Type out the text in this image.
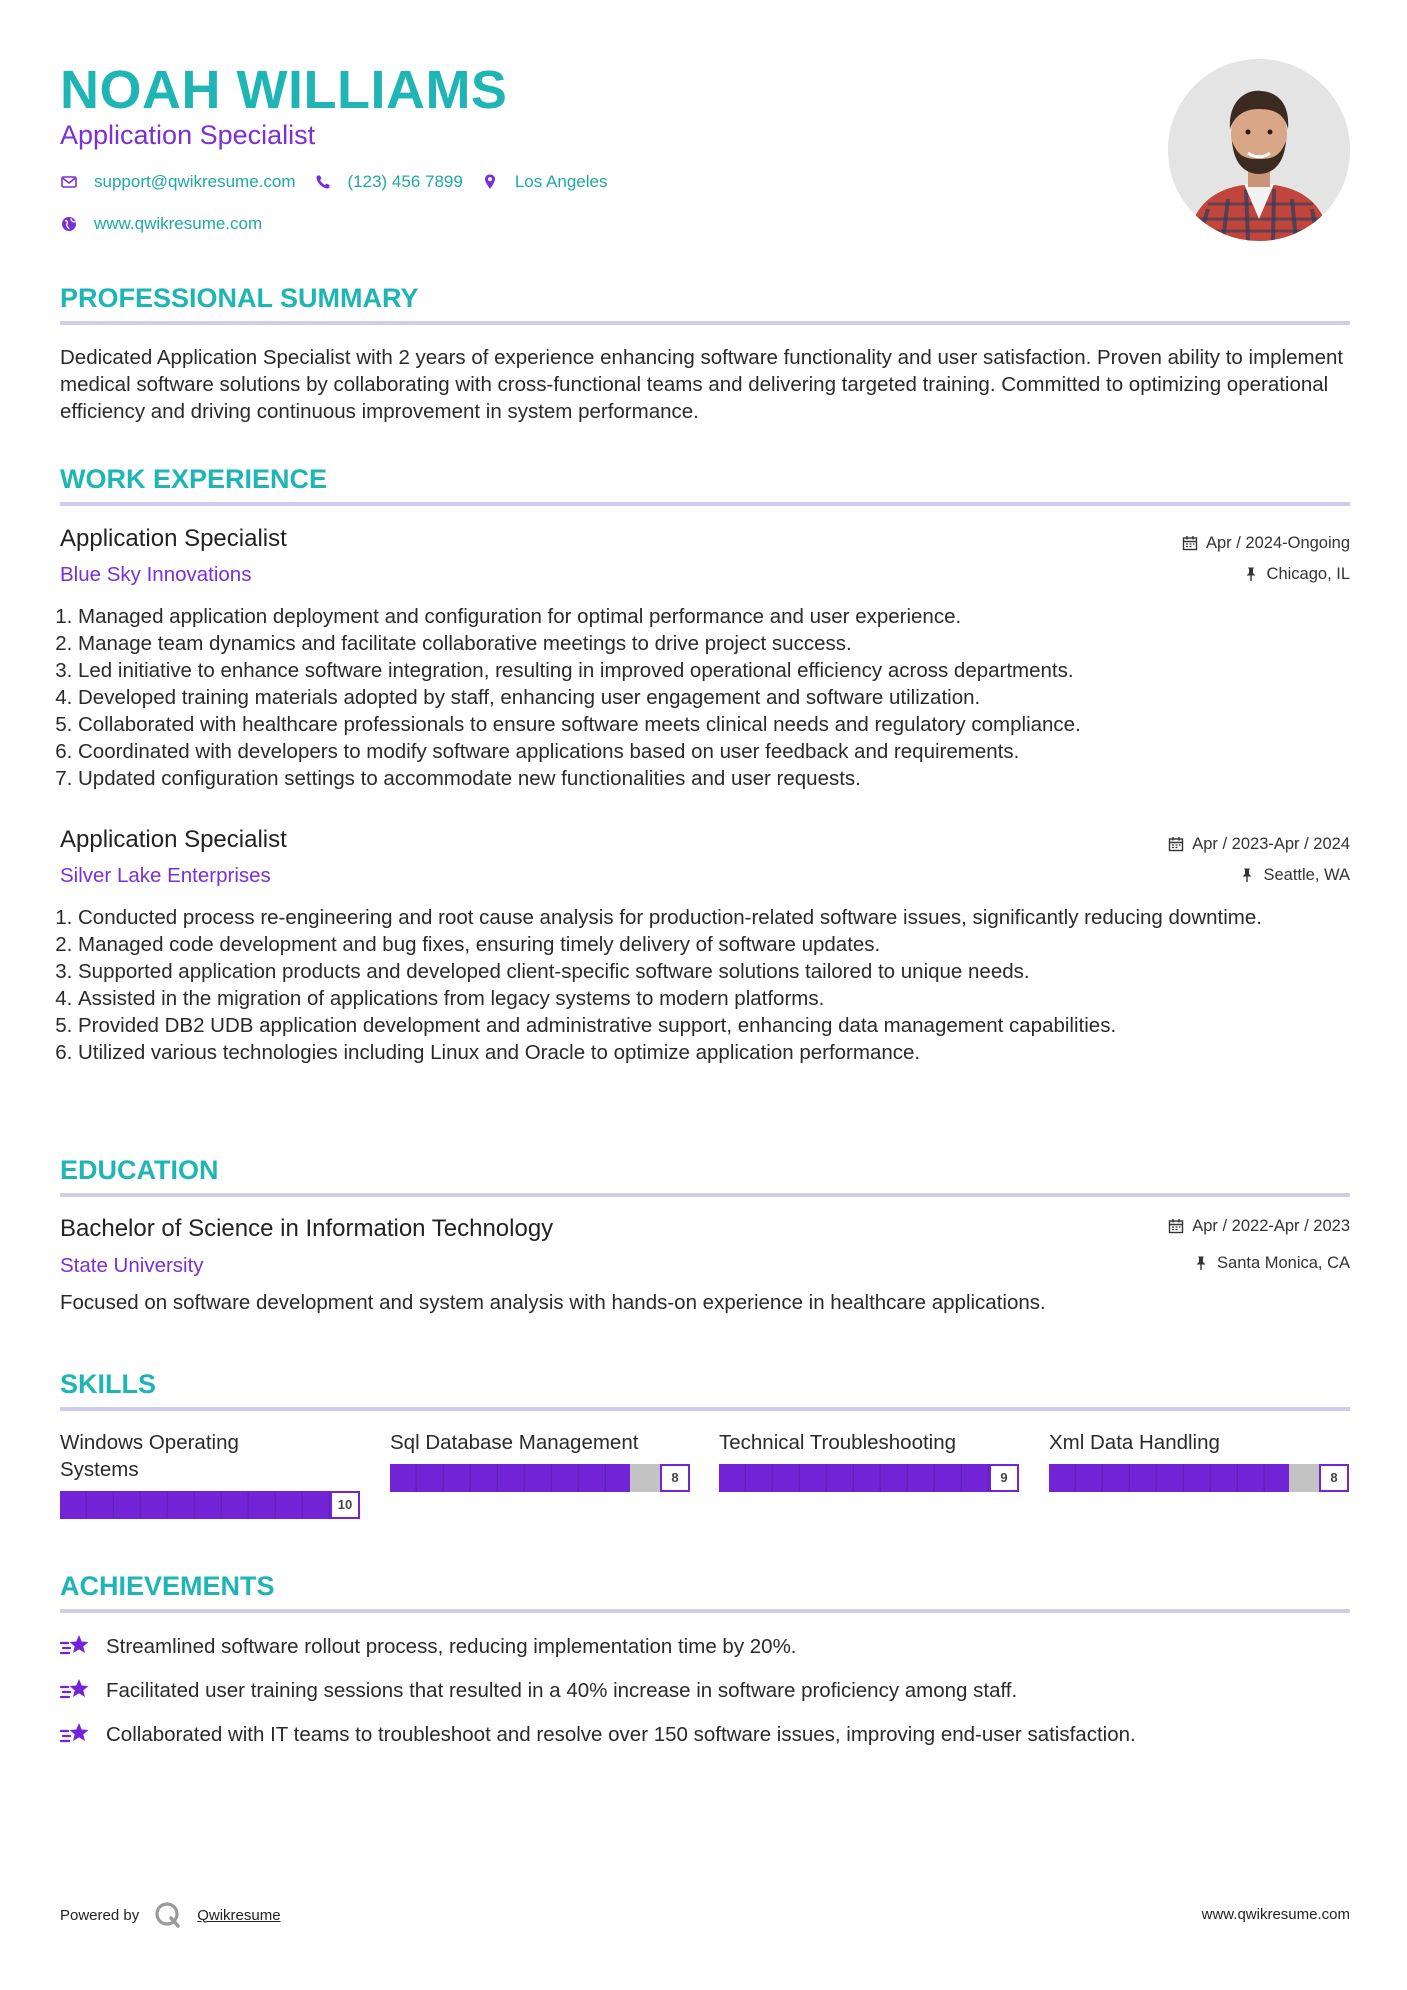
NOAH WILLIAMS
Application Specialist
support@qwikresume.com	(123) 456 7899	Los Angeles
www.qwikresume.com
PROFESSIONAL SUMMARY
Dedicated Application Specialist with 2 years of experience enhancing software functionality and user satisfaction. Proven ability to implement medical software solutions by collaborating with cross-functional teams and delivering targeted training. Committed to optimizing operational efficiency and driving continuous improvement in system performance.
WORK EXPERIENCE
Application Specialist
Blue Sky Innovations
Apr / 2024-Ongoing
Chicago, IL
1. Managed application deployment and configuration for optimal performance and user experience.
2. Manage team dynamics and facilitate collaborative meetings to drive project success.
3. Led initiative to enhance software integration, resulting in improved operational efficiency across departments.
4. Developed training materials adopted by staff, enhancing user engagement and software utilization.
5. Collaborated with healthcare professionals to ensure software meets clinical needs and regulatory compliance.
6. Coordinated with developers to modify software applications based on user feedback and requirements.
7. Updated configuration settings to accommodate new functionalities and user requests.
Application Specialist
Silver Lake Enterprises
Apr / 2023-Apr / 2024
Seattle, WA
1. Conducted process re-engineering and root cause analysis for production-related software issues, significantly reducing downtime.
2. Managed code development and bug fixes, ensuring timely delivery of software updates.
3. Supported application products and developed client-specific software solutions tailored to unique needs.
4. Assisted in the migration of applications from legacy systems to modern platforms.
5. Provided DB2 UDB application development and administrative support, enhancing data management capabilities.
6. Utilized various technologies including Linux and Oracle to optimize application performance.
EDUCATION
Bachelor of Science in Information Technology
State University
Apr / 2022-Apr / 2023
Santa Monica, CA
Focused on software development and system analysis with hands-on experience in healthcare applications.
SKILLS
Windows Operating Systems
10
Sql Database Management
8
Technical Troubleshooting
9
Xml Data Handling
8
ACHIEVEMENTS
Streamlined software rollout process, reducing implementation time by 20%.
Facilitated user training sessions that resulted in a 40% increase in software proficiency among staff.
Collaborated with IT teams to troubleshoot and resolve over 150 software issues, improving end-user satisfaction.
Powered by	Qwikresume	www.qwikresume.com
